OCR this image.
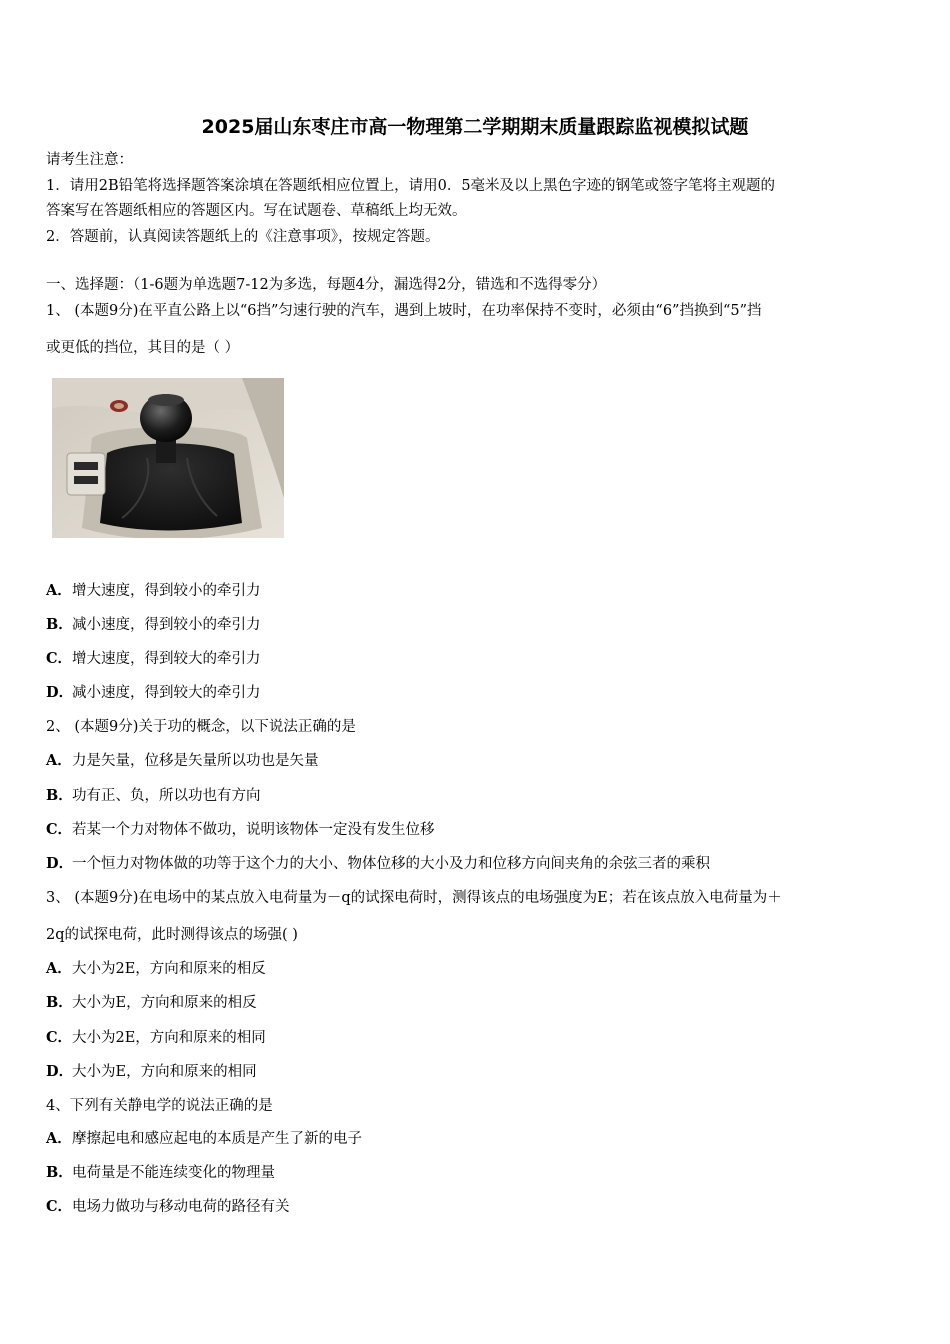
2025届山东枣庄市高一物理第二学期期末质量跟踪监视模拟试题
请考生注意：
1．请用2B铅笔将选择题答案涂填在答题纸相应位置上，请用0．5毫米及以上黑色字迹的钢笔或签字笔将主观题的
答案写在答题纸相应的答题区内。写在试题卷、草稿纸上均无效。
2．答题前，认真阅读答题纸上的《注意事项》，按规定答题。
一、选择题：（1-6题为单选题7-12为多选，每题4分，漏选得2分，错选和不选得零分）
1、 (本题9分)在平直公路上以“6挡”匀速行驶的汽车，遇到上坡时，在功率保持不变时，必须由“6”挡换到“5”挡
或更低的挡位，其目的是（ ）
A．增大速度，得到较小的牵引力
B．减小速度，得到较小的牵引力
C．增大速度，得到较大的牵引力
D．减小速度，得到较大的牵引力
2、 (本题9分)关于功的概念，以下说法正确的是
A．力是矢量，位移是矢量所以功也是矢量
B．功有正、负，所以功也有方向
C．若某一个力对物体不做功，说明该物体一定没有发生位移
D．一个恒力对物体做的功等于这个力的大小、物体位移的大小及力和位移方向间夹角的余弦三者的乘积
3、 (本题9分)在电场中的某点放入电荷量为－q的试探电荷时，测得该点的电场强度为E；若在该点放入电荷量为＋
2q的试探电荷，此时测得该点的场强( )
A．大小为2E，方向和原来的相反
B．大小为E，方向和原来的相反
C．大小为2E，方向和原来的相同
D．大小为E，方向和原来的相同
4、下列有关静电学的说法正确的是
A．摩擦起电和感应起电的本质是产生了新的电子
B．电荷量是不能连续变化的物理量
C．电场力做功与移动电荷的路径有关
